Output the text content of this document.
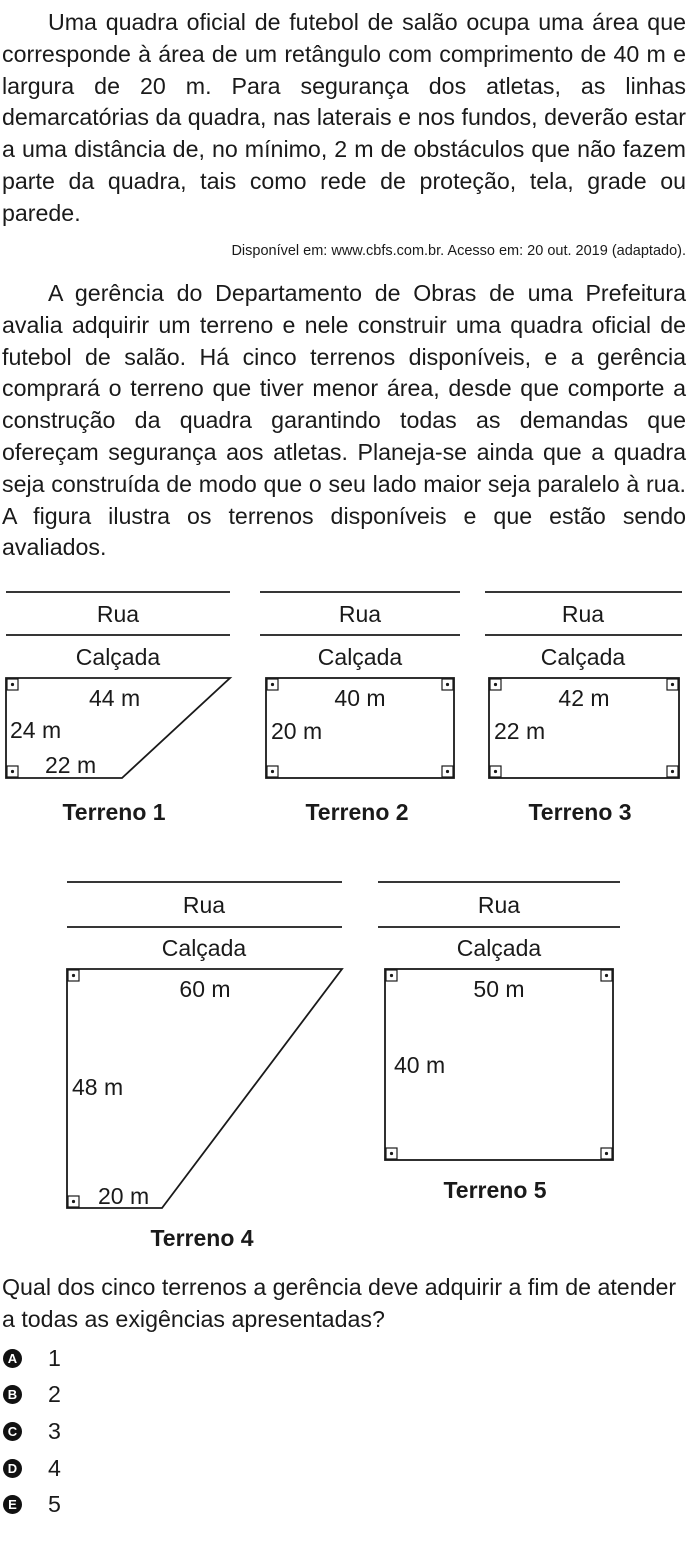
Uma quadra oficial de futebol de salão ocupa uma área que corresponde à área de um retângulo com comprimento de 40 m e largura de 20 m. Para segurança dos atletas, as linhas demarcatórias da quadra, nas laterais e nos fundos, deverão estar a uma distância de, no mínimo, 2 m de obstáculos que não fazem parte da quadra, tais como rede de proteção, tela, grade ou parede.

Disponível em: www.cbfs.com.br. Acesso em: 20 out. 2019 (adaptado).

A gerência do Departamento de Obras de uma Prefeitura avalia adquirir um terreno e nele construir uma quadra oficial de futebol de salão. Há cinco terrenos disponíveis, e a gerência comprará o terreno que tiver menor área, desde que comporte a construção da quadra garantindo todas as demandas que ofereçam segurança aos atletas. Planeja-se ainda que a quadra seja construída de modo que o seu lado maior seja paralelo à rua. A figura ilustra os terrenos disponíveis e que estão sendo avaliados.

Rua
Calçada
Rua
Calçada
Rua
Calçada
Rua
Calçada
Rua
Calçada
44 m
24 m
22 m
Terreno 1
40 m
20 m
Terreno 2
42 m
22 m
Terreno 3
60 m
48 m
20 m
Terreno 4
50 m
40 m
Terreno 5

Qual dos cinco terrenos a gerência deve adquirir a fim de atender a todas as exigências apresentadas?

A 1
B 2
C 3
D 4
E 5
